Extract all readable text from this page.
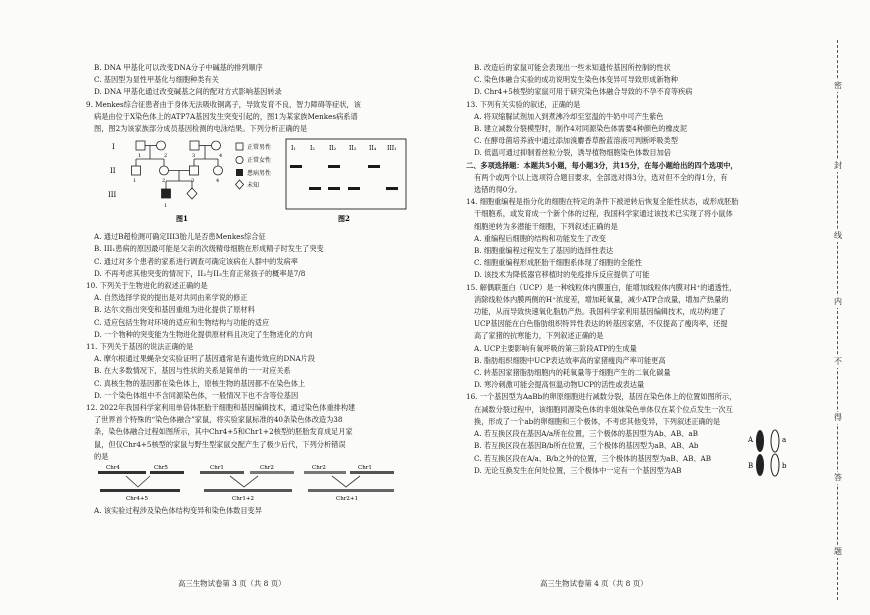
B. DNA 甲基化可以改变DNA分子中碱基的排列顺序
C. 基因型为显性甲基化与细胞种类有关
D. DNA 甲基化通过改变碱基之间的配对方式影响基因转录
9. Menkes综合征患者由于身体无法吸收铜离子，导致发育不良、智力障碍等症状，该
病是由位于X染色体上的ATP7A基因发生突变引起的，图1为某家族Menkes病系谱
图，图2为该家族部分成员基因检测的电泳结果。下列分析正确的是
I
II
III
1	2	3	4
1	2	3	4
1
正常男性
正常女性
患病男性
未知
图1
I₁ I₂ II₂ II₃ II₄ III₁
图2
A. 通过B超检测可确定III3胎儿是否患Menkes综合征
B. III₁患病的原因最可能是父亲的次级精母细胞在形成精子时发生了突变
C. 通过对多个患者的家系进行调查可确定该病在人群中的发病率
D. 不再考虑其他突变的情况下，II₂与II₃生育正常孩子的概率是7/8
10. 下列关于生物进化的叙述正确的是
A. 自然选择学说的提出是对共同由来学说的修正
B. 达尔文指出突变和基因重组为进化提供了原材料
C. 适应包括生物对环境的适应和生物结构与功能的适应
D. 一个物种的突变能为生物进化提供原材料且决定了生物进化的方向
11. 下列关于基因的说法正确的是
A. 摩尔根通过果蝇杂交实验证明了基因通常是有遗传效应的DNA片段
B. 在大多数情况下，基因与性状的关系是简单的一一对应关系
C. 真核生物的基因都在染色体上，原核生物的基因都不在染色体上
D. 一个染色体组中不含同源染色体，一般情况下也不含等位基因
12. 2022年我国科学家利用单倍体胚胎干细胞和基因编辑技术，通过染色体重排构建
了世界首个特殊的“染色体融合”家鼠，将实验家鼠标准的40条染色体改造为38
条，染色体融合过程如图所示，其中Chr4+5和Chr1+2核型的胚胎发育成足月家
鼠，但仅Chr4+5核型的家鼠与野生型家鼠交配产生了极少后代，下列分析错误
的是
Chr4	Chr5
Chr4+5
Chr1	Chr2
Chr1+2
Chr2	Chr1
Chr2+1
A. 该实验过程涉及染色体结构变异和染色体数目变异
高三生物试卷第 3 页（共 8 页）
B. 改造后的家鼠可能会表现出一些未知遗传基因所控制的性状
C. 染色体融合实验的成功说明发生染色体变异可导致形成新物种
D. Chr4+5核型的家鼠可用于研究染色体融合导致的不孕不育等疾病
13. 下列有关实验的叙述，正确的是
A. 将双缩脲试剂加入到煮沸冷却至室温的牛奶中可产生紫色
B. 建立减数分裂模型时，制作4对同源染色体需要4种颜色的橡皮泥
C. 在酵母菌培养液中通过添加溴麝香草酚蓝溶液可判断呼吸类型
D. 低温可通过抑制着丝粒分裂，诱导植物细胞染色体数目加倍
二、多项选择题：本题共5小题，每小题3分，共15分，在每小题给出的四个选项中，
有两个或两个以上选项符合题目要求，全部选对得3分，选对但不全的得1分，有
选错的得0分。
14. 细胞重编程是指分化的细胞在特定的条件下被逆转后恢复全能性状态，或形成胚胎
干细胞系，或发育成一个新个体的过程，我国科学家通过该技术已实现了将小鼠体
细胞逆转为多潜能干细胞，下列叙述正确的是
A. 重编程后细胞的结构和功能发生了改变
B. 细胞重编程过程发生了基因的选择性表达
C. 细胞重编程形成胚胎干细胞系体现了细胞的全能性
D. 该技术为降低器官移植时的免疫排斥反应提供了可能
15. 解偶联蛋白（UCP）是一种线粒体内膜蛋白，能增加线粒体内膜对H⁺的通透性，
消除线粒体内膜两侧的H⁺浓度差，增加耗氧量，减少ATP合成量，增加产热量的
功能，从而导致快速氧化脂肪产热。我国科学家利用基因编辑技术，成功构建了
UCP基因能在白色脂肪组织特异性表达的转基因家猪，不仅提高了瘦肉率，还提
高了家猪的抗寒能力，下列叙述正确的是
A. UCP主要影响有氧呼吸的第三阶段ATP的生成量
B. 脂肪组织细胞中UCP表达效率高的家猪瘦肉产率可能更高
C. 转基因家猪脂肪细胞内的耗氧量等于细胞产生的二氧化碳量
D. 寒冷刺激可能会提高恒温动物UCP的活性或表达量
16. 一个基因型为AaBb的卵原细胞进行减数分裂，基因在染色体上的位置如图所示，
在减数分裂过程中，该细胞同源染色体的非姐妹染色单体仅在某个位点发生一次互
换，形成了一个ab的卵细胞和三个极体，不考虑其他变异，下列叙述正确的是
A. 若互换区段在基因A/a所在位置，三个极体的基因型为Ab、AB、aB
B. 若互换区段在基因B/b所在位置，三个极体的基因型为aB、AB、Ab
C. 若互换区段在A/a、B/b之外的位置，三个极体的基因型为aB、AB、AB
D. 无论互换发生在何处位置，三个极体中一定有一个基因型为AB
A
B
a
b
高三生物试卷第 4 页（共 8 页）
密
封
线
内
不
得
答
题
